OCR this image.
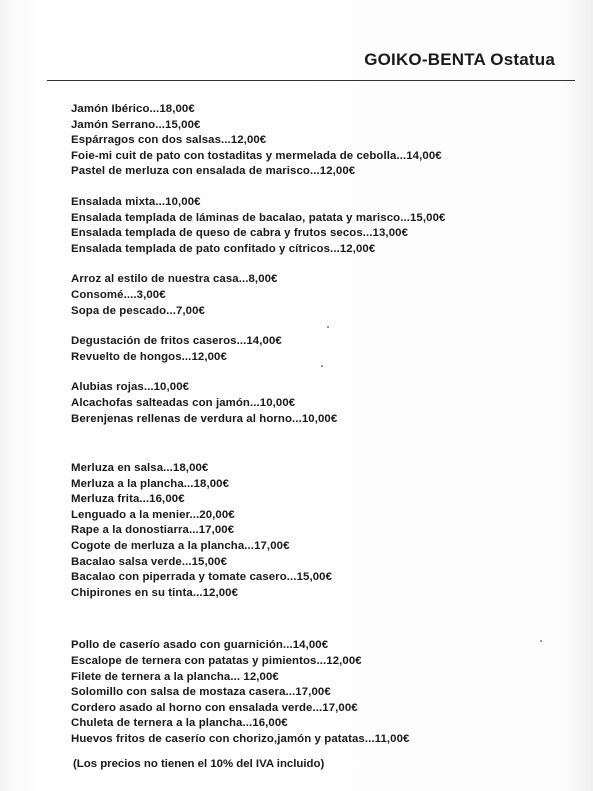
GOIKO-BENTA Ostatua
Jamón Ibérico...18,00€
Jamón Serrano...15,00€
Espárragos con dos salsas...12,00€
Foie-mi cuit de pato con tostaditas y mermelada de cebolla...14,00€
Pastel de merluza con ensalada de marisco...12,00€
Ensalada mixta...10,00€
Ensalada templada de láminas de bacalao, patata y marisco...15,00€
Ensalada templada de queso de cabra y frutos secos...13,00€
Ensalada templada de pato confitado y cítricos...12,00€
Arroz al estilo de nuestra casa...8,00€
Consomé....3,00€
Sopa de pescado...7,00€
Degustación de fritos caseros...14,00€
Revuelto de hongos...12,00€
Alubias rojas...10,00€
Alcachofas salteadas con jamón...10,00€
Berenjenas rellenas de verdura al horno...10,00€
Merluza en salsa...18,00€
Merluza a la plancha...18,00€
Merluza frita...16,00€
Lenguado a la menier...20,00€
Rape a la donostiarra...17,00€
Cogote de merluza a la plancha...17,00€
Bacalao salsa verde...15,00€
Bacalao con piperrada y tomate casero...15,00€
Chipirones en su tinta...12,00€
Pollo de caserío asado con guarnición...14,00€
Escalope de ternera con patatas y pimientos...12,00€
Filete de ternera a la plancha... 12,00€
Solomillo con salsa de mostaza casera...17,00€
Cordero asado al horno con ensalada verde...17,00€
Chuleta de ternera a la plancha...16,00€
Huevos fritos de caserío con chorizo,jamón y patatas...11,00€
(Los precios no tienen el 10% del IVA incluido)
